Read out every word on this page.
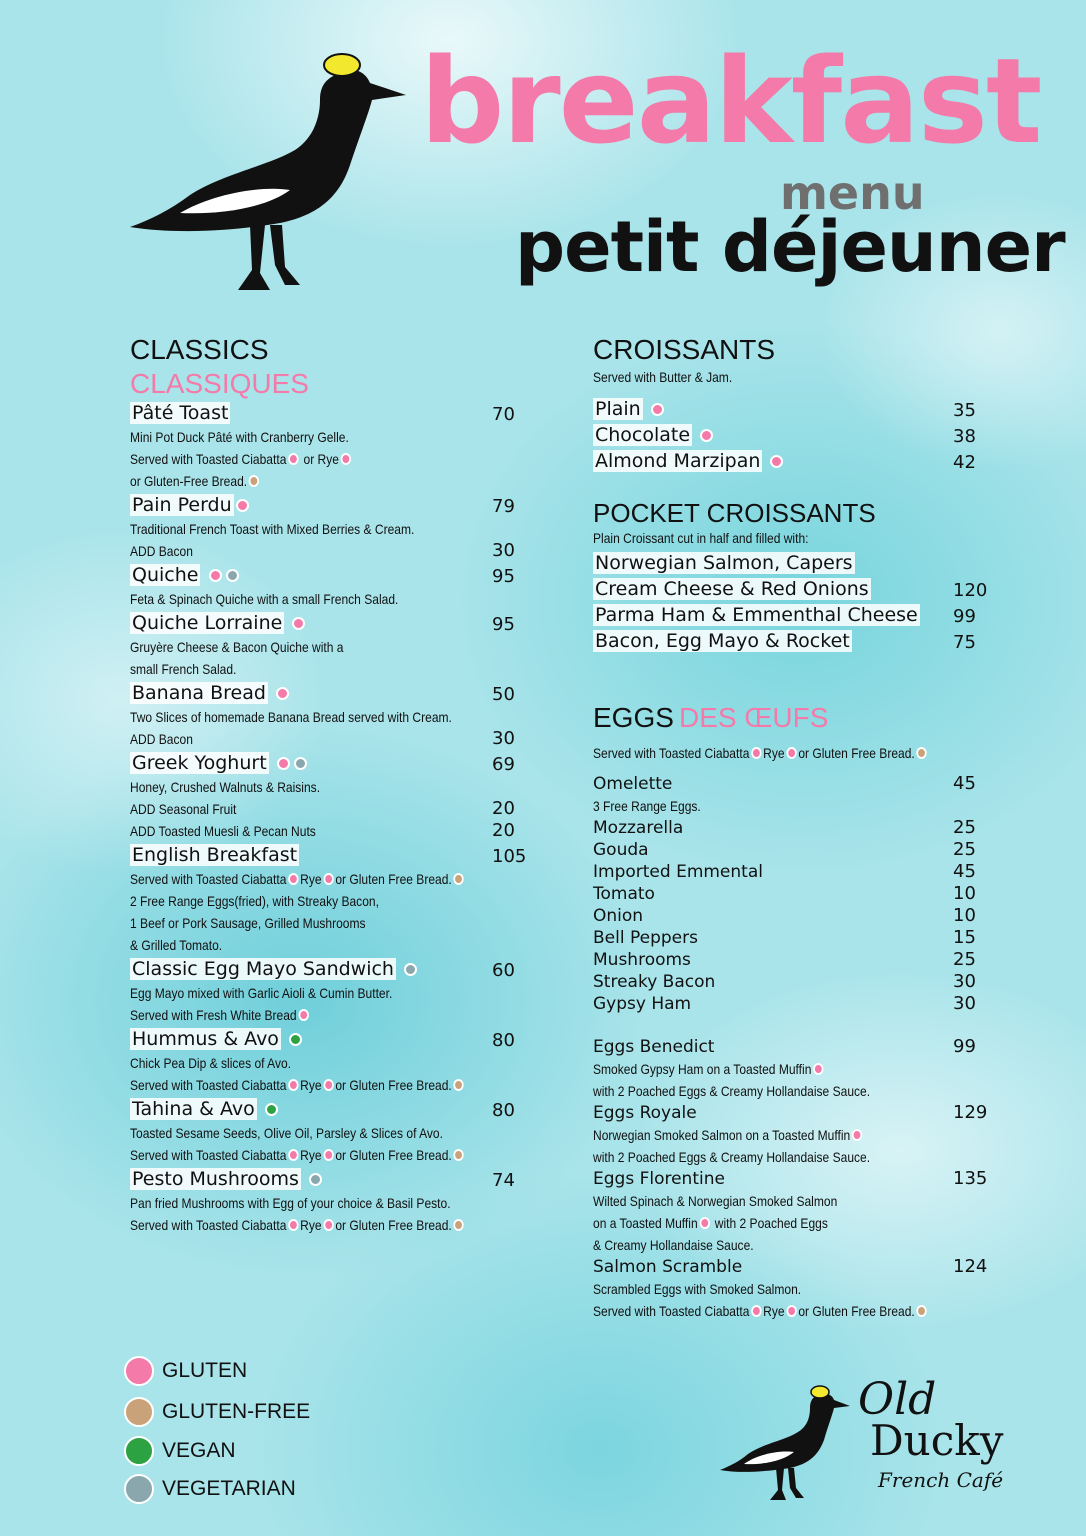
breakfast
menu
petit déjeuner
CLASSICS
CLASSIQUES
Pâté Toast	70
Mini Pot Duck Pâté with Cranberry Gelle.
Served with Toasted Ciabatta or Rye
or Gluten-Free Bread.
Pain Perdu	79
Traditional French Toast with Mixed Berries & Cream.
ADD Bacon	30
Quiche	95
Feta & Spinach Quiche with a small French Salad.
Quiche Lorraine	95
Gruyère Cheese & Bacon Quiche with a
small French Salad.
Banana Bread	50
Two Slices of homemade Banana Bread served with Cream.
ADD Bacon	30
Greek Yoghurt	69
Honey, Crushed Walnuts & Raisins.
ADD Seasonal Fruit	20
ADD Toasted Muesli & Pecan Nuts	20
English Breakfast	105
Served with Toasted Ciabatta Rye or Gluten Free Bread.
2 Free Range Eggs(fried), with Streaky Bacon,
1 Beef or Pork Sausage, Grilled Mushrooms
& Grilled Tomato.
Classic Egg Mayo Sandwich	60
Egg Mayo mixed with Garlic Aioli & Cumin Butter.
Served with Fresh White Bread
Hummus & Avo	80
Chick Pea Dip & slices of Avo.
Served with Toasted Ciabatta Rye or Gluten Free Bread.
Tahina & Avo	80
Toasted Sesame Seeds, Olive Oil, Parsley & Slices of Avo.
Served with Toasted Ciabatta Rye or Gluten Free Bread.
Pesto Mushrooms	74
Pan fried Mushrooms with Egg of your choice & Basil Pesto.
Served with Toasted Ciabatta Rye or Gluten Free Bread.
CROISSANTS
Served with Butter & Jam.
Plain	35
Chocolate	38
Almond Marzipan	42
POCKET CROISSANTS
Plain Croissant cut in half and filled with:
Norwegian Salmon, Capers
Cream Cheese & Red Onions	120
Parma Ham & Emmenthal Cheese 99
Bacon, Egg Mayo & Rocket	75
EGGS DES ŒUFS
Served with Toasted Ciabatta Rye or Gluten Free Bread.
Omelette	45
3 Free Range Eggs.
Mozzarella	25
Gouda	25
Imported Emmental	45
Tomato	10
Onion	10
Bell Peppers	15
Mushrooms	25
Streaky Bacon	30
Gypsy Ham	30
Eggs Benedict	99
Smoked Gypsy Ham on a Toasted Muffin
with 2 Poached Eggs & Creamy Hollandaise Sauce.
Eggs Royale	129
Norwegian Smoked Salmon on a Toasted Muffin
with 2 Poached Eggs & Creamy Hollandaise Sauce.
Eggs Florentine	135
Wilted Spinach & Norwegian Smoked Salmon
on a Toasted Muffin with 2 Poached Eggs
& Creamy Hollandaise Sauce.
Salmon Scramble	124
Scrambled Eggs with Smoked Salmon.
Served with Toasted Ciabatta Rye or Gluten Free Bread.
GLUTEN
GLUTEN-FREE
VEGAN
VEGETARIAN
Old
Ducky
French Café
